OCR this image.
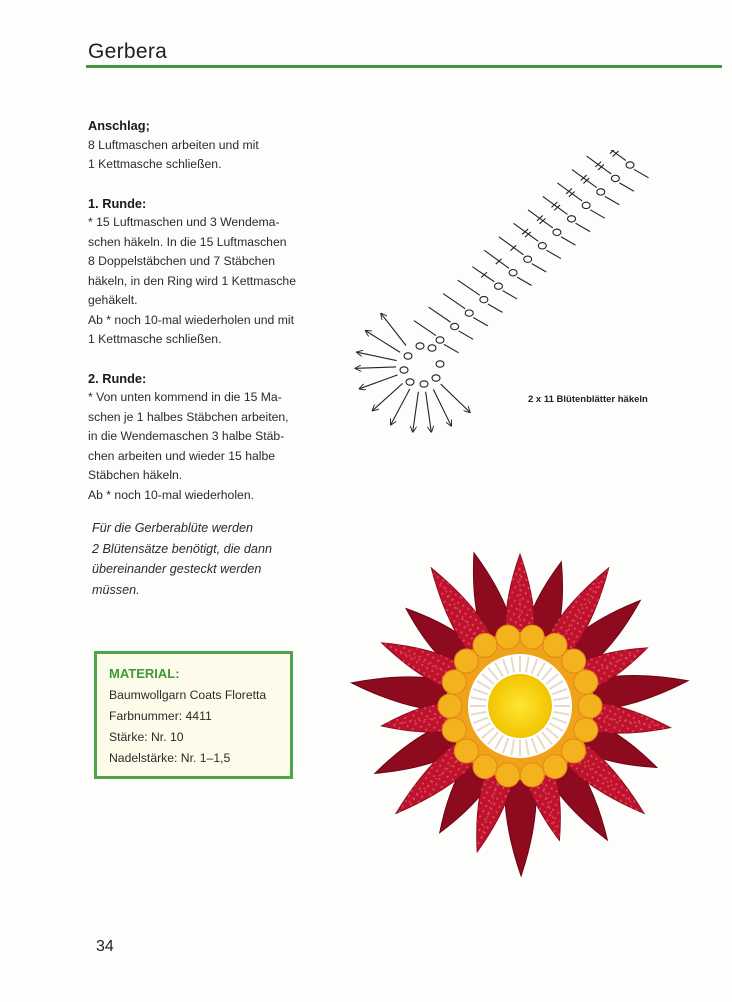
Gerbera
Anschlag;

8 Luftmaschen arbeiten und mit

1 Kettmasche schließen.

1. Runde:

* 15 Luftmaschen und 3 Wendema-

schen häkeln. In die 15 Luftmaschen

8 Doppelstäbchen und 7 Stäbchen

häkeln, in den Ring wird 1 Kettmasche

gehäkelt.

Ab * noch 10-mal wiederholen und mit

1 Kettmasche schließen.

2. Runde:

* Von unten kommend in die 15 Ma-

schen je 1 halbes Stäbchen arbeiten,

in die Wendemaschen 3 halbe Stäb-

chen arbeiten und wieder 15 halbe

Stäbchen häkeln.

Ab * noch 10-mal wiederholen.

Für die Gerberablüte werden
2 Blütensätze benötigt, die dann
übereinander gesteckt werden
müssen.
MATERIAL:
Baumwollgarn Coats Floretta
Farbnummer: 4411
Stärke: Nr. 10
Nadelstärke: Nr. 1–1,5
2 x 11 Blütenblätter häkeln
34
